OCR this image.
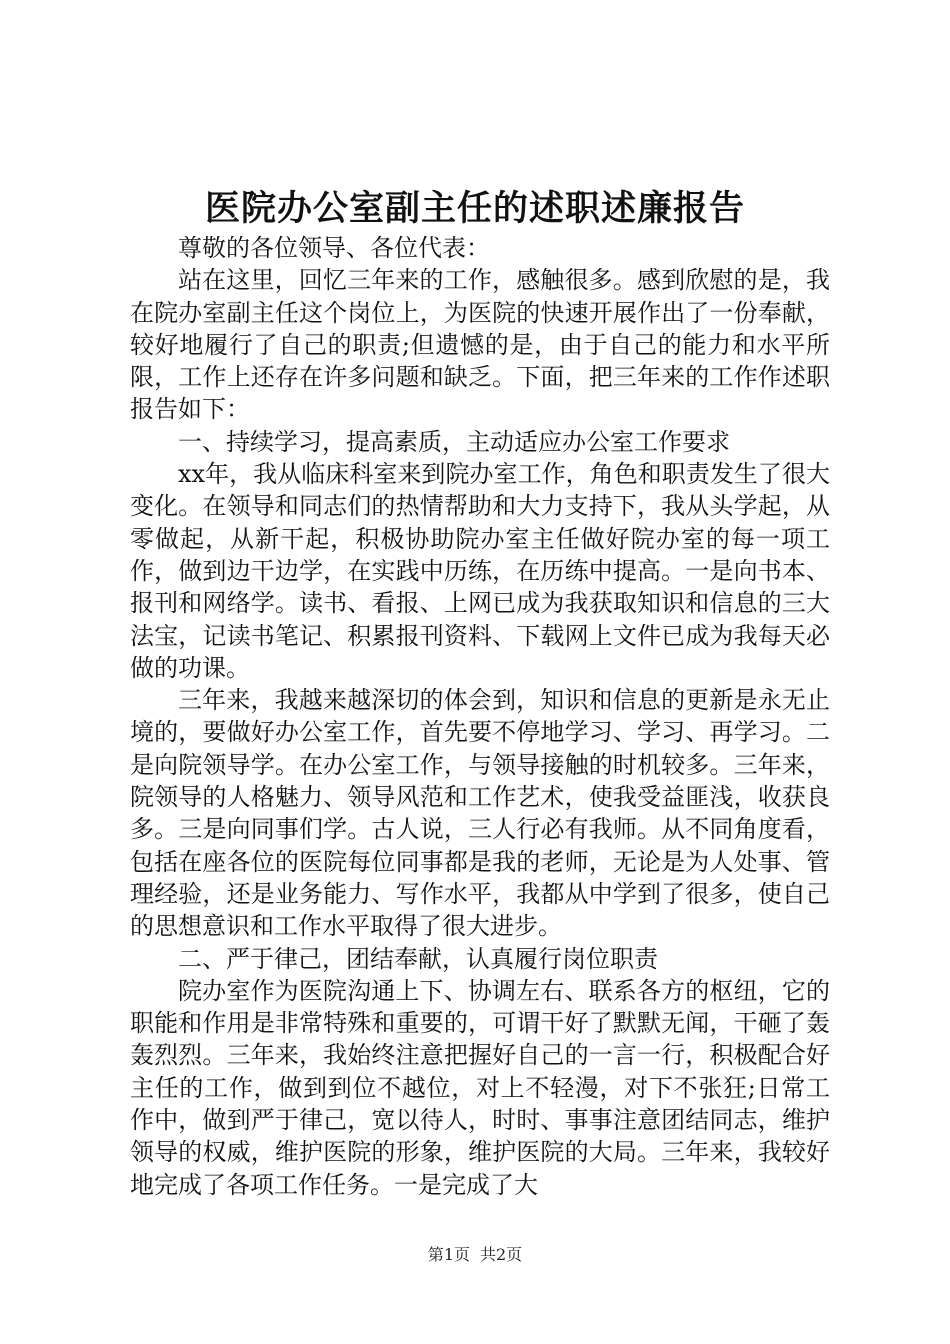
医院办公室副主任的述职述廉报告

尊敬的各位领导、各位代表：

站在这里，回忆三年来的工作，感触很多。感到欣慰的是，我在院办室副主任这个岗位上，为医院的快速开展作出了一份奉献，较好地履行了自己的职责;但遗憾的是，由于自己的能力和水平所限，工作上还存在许多问题和缺乏。下面，把三年来的工作作述职报告如下：

一、持续学习，提高素质，主动适应办公室工作要求

xx年，我从临床科室来到院办室工作，角色和职责发生了很大变化。在领导和同志们的热情帮助和大力支持下，我从头学起，从零做起，从新干起，积极协助院办室主任做好院办室的每一项工作，做到边干边学，在实践中历练，在历练中提高。一是向书本、报刊和网络学。读书、看报、上网已成为我获取知识和信息的三大法宝，记读书笔记、积累报刊资料、下载网上文件已成为我每天必做的功课。

三年来，我越来越深切的体会到，知识和信息的更新是永无止境的，要做好办公室工作，首先要不停地学习、学习、再学习。二是向院领导学。在办公室工作，与领导接触的时机较多。三年来，院领导的人格魅力、领导风范和工作艺术，使我受益匪浅，收获良多。三是向同事们学。古人说，三人行必有我师。从不同角度看，包括在座各位的医院每位同事都是我的老师，无论是为人处事、管理经验，还是业务能力、写作水平，我都从中学到了很多，使自己的思想意识和工作水平取得了很大进步。

二、严于律己，团结奉献，认真履行岗位职责

院办室作为医院沟通上下、协调左右、联系各方的枢纽，它的职能和作用是非常特殊和重要的，可谓干好了默默无闻，干砸了轰轰烈烈。三年来，我始终注意把握好自己的一言一行，积极配合好主任的工作，做到到位不越位，对上不轻漫，对下不张狂;日常工作中，做到严于律己，宽以待人，时时、事事注意团结同志，维护领导的权威，维护医院的形象，维护医院的大局。三年来，我较好地完成了各项工作任务。一是完成了大

第1页 共2页
